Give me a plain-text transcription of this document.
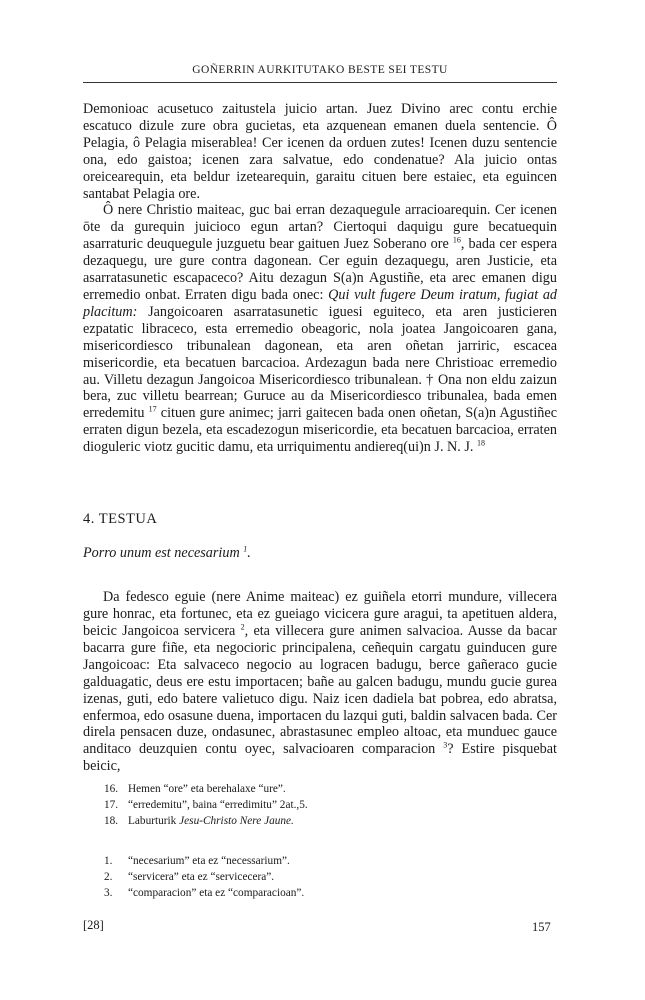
GOÑERRIN AURKITUTAKO BESTE SEI TESTU

Demonioac acusetuco zaitustela juicio artan. Juez Divino arec contu erchie escatuco dizule zure obra gucietas, eta azquenean emanen duela sentencie. Ô Pelagia, ô Pelagia miserablea! Cer icenen da orduen zutes! Icenen duzu sentencie ona, edo gaistoa; icenen zara salvatue, edo condenatue? Ala juicio ontas oreicearequin, eta beldur izetearequin, garaitu cituen bere estaiec, eta eguincen santabat Pelagia ore.

Ô nere Christio maiteac, guc bai erran dezaquegule arracioarequin. Cer icenen ōte da gurequin juicioco egun artan? Ciertoqui daquigu gure becatuequin asarraturic deuquegule juzguetu bear gaituen Juez Soberano ore $^{16}$, bada cer espera dezaquegu, ure gure contra dagonean. Cer eguin dezaquegu, aren Justicie, eta asarratasunetic escapaceco? Aitu dezagun S(a)n Agustiñe, eta arec emanen digu erremedio onbat. Erraten digu bada onec: Qui vult fugere Deum iratum, fugiat ad placitum: Jangoicoaren asarratasunetic iguesi eguiteco, eta aren justicieren ezpatatic libraceco, esta erremedio obeagoric, nola joatea Jangoicoaren gana, misericordiesco tribunalean dagonean, eta aren oñetan jarriric, escacea misericordie, eta becatuen barcacioa. Ardezagun bada nere Christioac erremedio au. Villetu dezagun Jangoicoa Misericordiesco tribunalean. † Ona non eldu zaizun bera, zuc villetu bearrean; Guruce au da Misericordiesco tribunalea, bada emen erredemitu $^{17}$ cituen gure animec; jarri gaitecen bada onen oñetan, S(a)n Agustiñec erraten digun bezela, eta escadezogun misericordie, eta becatuen barcacioa, erraten dioguleric viotz gucitic damu, eta urriquimentu andiereq(ui)n J. N. J. $^{18}$

4. TESTUA
Porro unum est necesarium $^1$.

Da fedesco eguie (nere Anime maiteac) ez guiñela etorri mundure, villecera gure honrac, eta fortunec, eta ez gueiago vicicera gure aragui, ta apetituen aldera, beicic Jangoicoa servicera $^2$, eta villecera gure animen salvacioa. Ausse da bacar bacarra gure fiñe, eta negocioric principalena, ceñequin cargatu guinducen gure Jangoicoac: Eta salvaceco negocio au logracen badugu, berce gañeraco gucie galduagatic, deus ere estu importacen; bañe au galcen badugu, mundu gucie gurea izenas, guti, edo batere valietuco digu. Naiz icen dadiela bat pobrea, edo abratsa, enfermoa, edo osasune duena, importacen du lazqui guti, baldin salvacen bada. Cer direla pensacen duze, ondasunec, abrastasunec empleo altoac, eta munduec gauce anditaco deuzquien contu oyec, salvacioaren comparacion $^3$? Estire pisquebat beicic,

16. Hemen “ore” eta berehalaxe “ure”.
17. “erredemitu”, baina “erredimitu” 2at.,5.
18. Laburturik Jesu-Christo Nere Jaune.
1.	“necesarium” eta ez “necessarium”.
2.	“servicera” eta ez “servicecera”.
3.	“comparacion” eta ez “comparacioan”.
[28]	157
